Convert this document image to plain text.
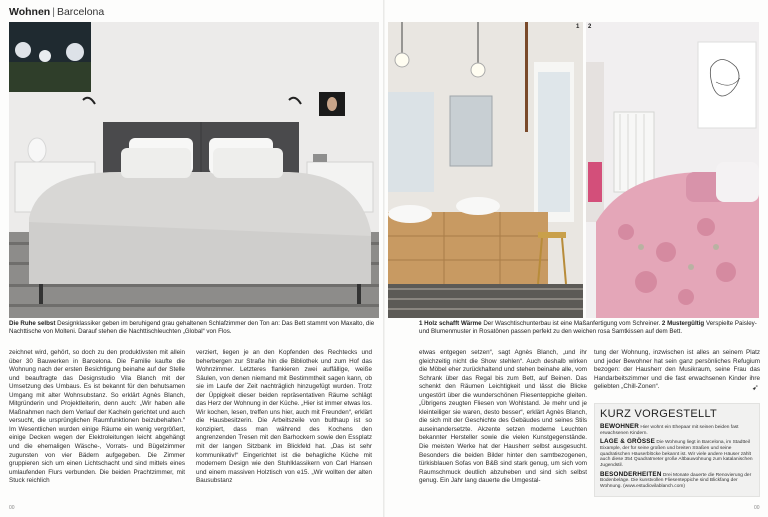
Wohnen | Barcelona
1 2
Die Ruhe selbst Designklassiker geben im beruhigend grau gehaltenen Schlafzimmer den Ton an: Das Bett stammt von Maxalto, die Nachttische von Molteni. Darauf stehen die Nachttischleuchten „Global“ von Flos.
1 Holz schafft Wärme Der Waschtischunterbau ist eine Maßanfertigung vom Schreiner. 2 Mustergültig Verspielte Paisley- und Blumenmuster in Rosatönen passen perfekt zu den weichen rosa Samtkissen auf dem Bett.
zeichnet wird, gehört, so doch zu den produktivsten mit allein über 30 Bauwerken in Barcelona. Die Familie kaufte die Wohnung nach der ersten Besichtigung beinahe auf der Stelle und beauftragte das Designstudio Vila Blanch mit der Umsetzung des Umbaus. Es ist bekannt für den behutsamen Umgang mit alter Wohnsubstanz. So erklärt Agnès Blanch, Mitgründerin und Projektleiterin, denn auch: „Wir haben alle Maßnahmen nach dem Verlauf der Kacheln gerichtet und auch versucht, die ursprünglichen Raumfunktionen beizubehalten.“ Im Wesentlichen wurden einige Räume ein wenig vergrößert, einige Decken wegen der Elektroleitungen leicht abgehängt und die ehemaligen Wäsche-, Vorrats- und Bügelzimmer zugunsten von vier Bädern aufgegeben. Die Zimmer gruppieren sich um einen Lichtschacht und sind mittels eines umlaufenden Flurs verbunden. Die beiden Prachtzimmer, mit Stuck reichlich
verziert, liegen je an den Kopfenden des Rechtecks und beherbergen zur Straße hin die Bibliothek und zum Hof das Wohnzimmer. Letzteres flankieren zwei auffällige, weiße Säulen, von denen niemand mit Bestimmtheit sagen kann, ob sie im Laufe der Zeit nachträglich hinzugefügt wurden. Trotz der Üppigkeit dieser beiden repräsentativen Räume schlägt das Herz der Wohnung in der Küche. „Hier ist immer etwas los. Wir kochen, lesen, treffen uns hier, auch mit Freunden“, erklärt die Hausbesitzerin. Die Arbeitszeile von bulthaup ist so konzipiert, dass man während des Kochens den angrenzenden Tresen mit den Barhockern sowie den Essplatz mit der langen Sitzbank im Blickfeld hat. „Das ist sehr kommunikativ!“ Eingerichtet ist die behagliche Küche mit modernem Design wie den Stuhlklassikern von Carl Hansen und einem massiven Holztisch von e15. „Wir wollten der alten Bausubstanz
etwas entgegen setzen“, sagt Agnès Blanch, „und ihr gleichzeitig nicht die Show stehlen“. Auch deshalb wirken die Möbel eher zurückhaltend und stehen beinahe alle, vom Schrank über das Regal bis zum Bett, auf Beinen. Das schenkt den Räumen Leichtigkeit und lässt die Blicke ungestört über die wunderschönen Fliesenteppiche gleiten. „Übrigens zeugten Fliesen von Wohlstand. Je mehr und je kleinteiliger sie waren, desto besser“, erklärt Agnès Blanch, die sich mit der Geschichte des Gebäudes und seines Stils auseinandersetzte. Akzente setzen moderne Leuchten bekannter Hersteller sowie die vielen Kunstgegenstände. Die meisten Werke hat der Hausherr selbst ausgesucht. Besonders die beiden Bilder hinter den samtbezogenen, türkisblauen Sofas von B&B sind stark genug, um sich vom Raumschmuck deutlich abzuheben und sind sich selbst genug. Ein Jahr lang dauerte die Umgestal-
tung der Wohnung, inzwischen ist alles an seinem Platz und jeder Bewohner hat sein ganz persönliches Refugium bezogen: der Hausherr den Musikraum, seine Frau das Handarbeitszimmer und die fast erwachsenen Kinder ihre geliebten „Chill-Zonen“.	➹
KURZ VORGESTELLT
BEWOHNER Hier wohnt ein Ehepaar mit seinen beiden fast erwachsenen Kindern.
LAGE & GRÖSSE Die Wohnung liegt in Barcelona, im Stadtteil Eixample, der für seine großen und breiten Straßen und seine quadratischen Häuserblöcke bekannt ist. Wir viele andere Häuser zählt auch diese 354 Quadratmeter große Altbauwohnung zum katalanischen Jugendstil.
BESONDERHEITEN Drei Monate dauerte die Renovierung der Bodenbeläge. Die kunstvollen Fliesenteppiche sind Blickfang der Wohnung. (www.estudiovilablanch.com)
00	00
